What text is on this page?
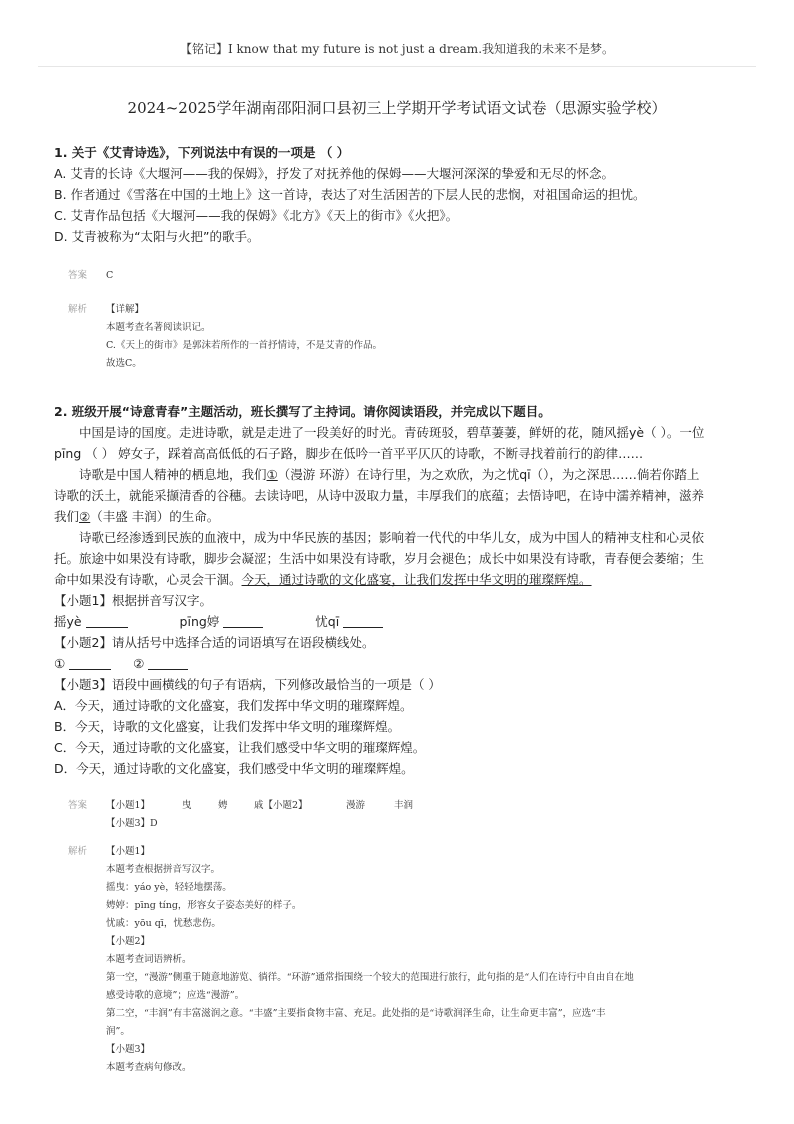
【铭记】I know that my future is not just a dream.我知道我的未来不是梦。
2024~2025学年湖南邵阳洞口县初三上学期开学考试语文试卷（思源实验学校）
1. 关于《艾青诗选》，下列说法中有误的一项是 （ ）
A. 艾青的长诗《大堰河——我的保姆》，抒发了对抚养他的保姆——大堰河深深的挚爱和无尽的怀念。
B. 作者通过《雪落在中国的土地上》这一首诗，表达了对生活困苦的下层人民的悲悯，对祖国命运的担忧。
C. 艾青作品包括《大堰河——我的保姆》《北方》《天上的街市》《火把》。
D. 艾青被称为“太阳与火把”的歌手。
答案	C
解析	【详解】
本题考查名著阅读识记。
C.《天上的街市》是郭沫若所作的一首抒情诗，不是艾青的作品。
故选C。
2. 班级开展“诗意青春”主题活动，班长撰写了主持词。请你阅读语段，并完成以下题目。
中国是诗的国度。走进诗歌，就是走进了一段美好的时光。青砖斑驳，碧草萋萋，鲜妍的花，随风摇yè（ ）。一位
pīng （ ） 婷女子，踩着高高低低的石子路，脚步在低吟一首平平仄仄的诗歌，不断寻找着前行的韵律……
诗歌是中国人精神的栖息地，我们①（漫游 环游）在诗行里，为之欢欣，为之忧qī（），为之深思……倘若你踏上
诗歌的沃土，就能采撷清香的谷穗。去读诗吧，从诗中汲取力量，丰厚我们的底蕴；去悟诗吧，在诗中濡养精神，滋养
我们②（丰盛 丰润）的生命。
诗歌已经渗透到民族的血液中，成为中华民族的基因；影响着一代代的中华儿女，成为中国人的精神支柱和心灵依
托。旅途中如果没有诗歌，脚步会凝涩；生活中如果没有诗歌，岁月会褪色；成长中如果没有诗歌，青春便会萎缩；生
命中如果没有诗歌，心灵会干涸。今天，通过诗歌的文化盛宴，让我们发挥中华文明的璀璨辉煌。
【小题1】根据拼音写汉字。
摇yè	pīng婷	忧qī
【小题2】请从括号中选择合适的词语填写在语段横线处。
①	②
【小题3】语段中画横线的句子有语病，下列修改最恰当的一项是（ ）
A．今天，通过诗歌的文化盛宴，我们发挥中华文明的璀璨辉煌。
B．今天，诗歌的文化盛宴，让我们发挥中华文明的璀璨辉煌。
C．今天，通过诗歌的文化盛宴，让我们感受中华文明的璀璨辉煌。
D．今天，通过诗歌的文化盛宴，我们感受中华文明的璀璨辉煌。
答案	【小题1】	曳	娉	戚【小题2】	漫游	丰润
【小题3】D
解析	【小题1】
本题考查根据拼音写汉字。
摇曳：yáo yè，轻轻地摆荡。
娉婷：pīng tíng，形容女子姿态美好的样子。
忧戚：yōu qī，忧愁悲伤。
【小题2】
本题考查词语辨析。
第一空，“漫游”侧重于随意地游览、徜徉。“环游”通常指围绕一个较大的范围进行旅行，此句指的是“人们在诗行中自由自在地
感受诗歌的意境”；应选“漫游”。
第二空，“丰润”有丰富滋润之意。“丰盛”主要指食物丰富、充足。此处指的是“诗歌润泽生命，让生命更丰富”，应选“丰
润”。
【小题3】
本题考查病句修改。
